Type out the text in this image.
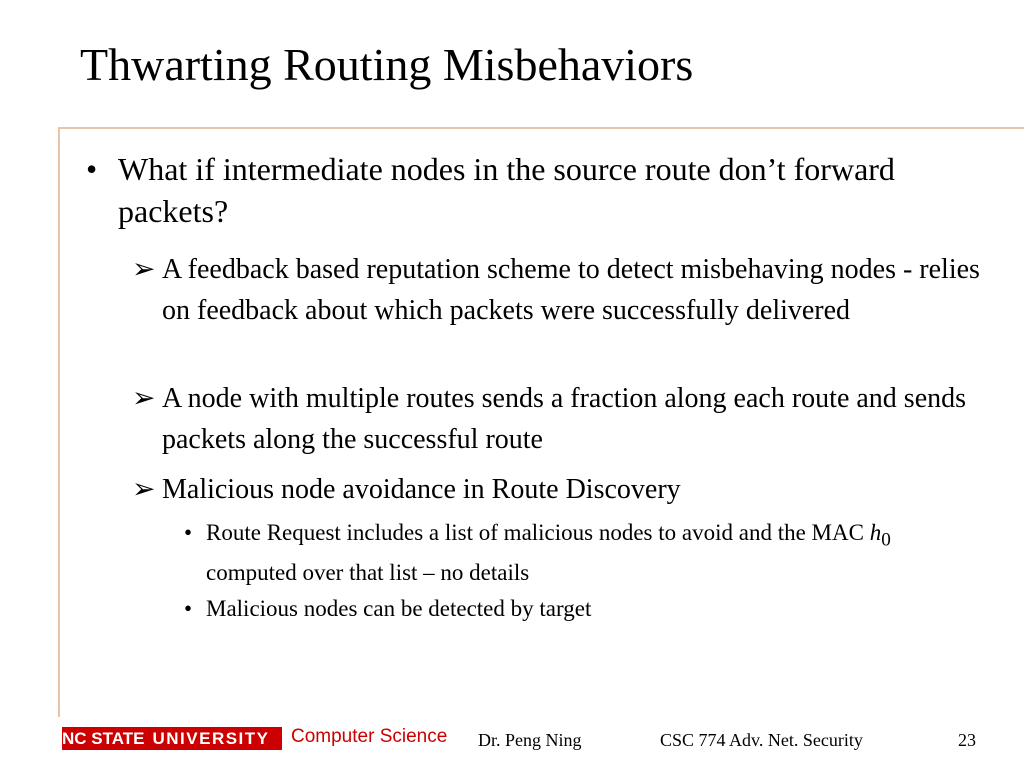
Thwarting Routing Misbehaviors
• What if intermediate nodes in the source route don’t forward packets?
➢ A feedback based reputation scheme to detect misbehaving nodes - relies on feedback about which packets were successfully delivered
➢ A node with multiple routes sends a fraction along each route and sends packets along the successful route
➢ Malicious node avoidance in Route Discovery
• Route Request includes a list of malicious nodes to avoid and the MAC $h_0$ computed over that list – no details
• Malicious nodes can be detected by target
NC STATE UNIVERSITY	Computer Science Dr. Peng Ning	CSC 774 Adv. Net. Security	23
